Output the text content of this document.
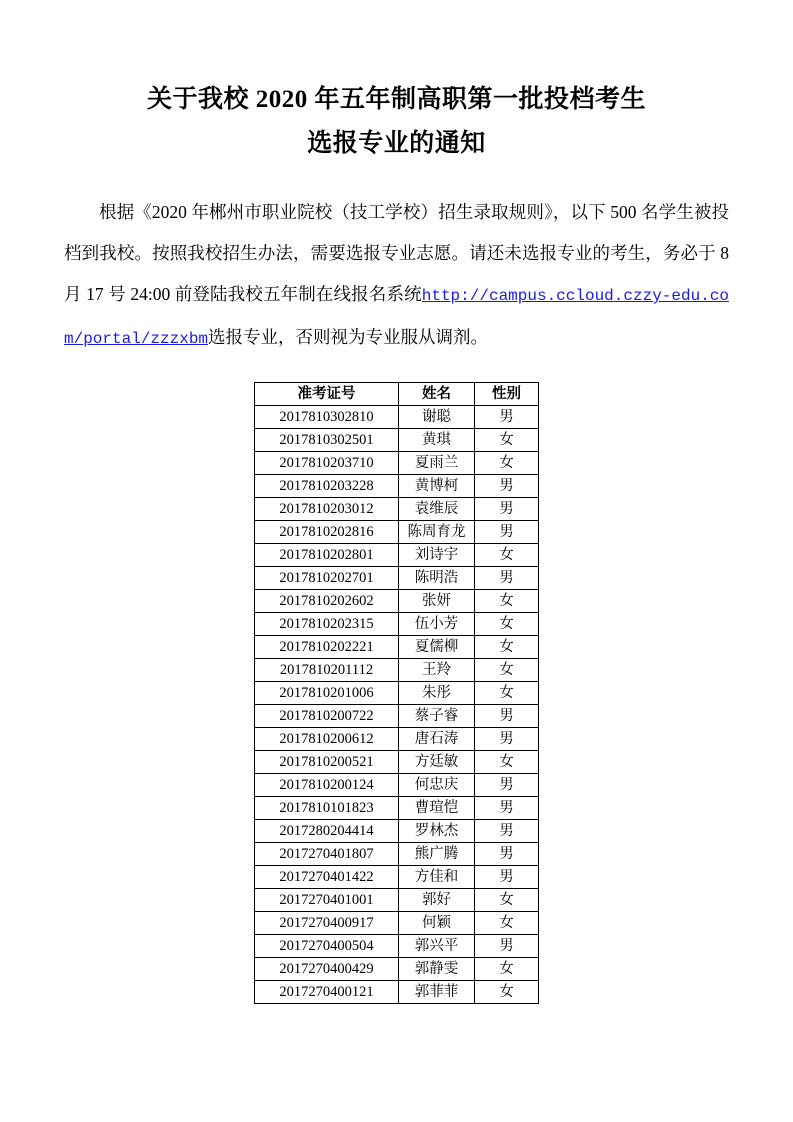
关于我校 2020 年五年制高职第一批投档考生
选报专业的通知

根据《2020 年郴州市职业院校（技工学校）招生录取规则》，以下 500 名学生被投档到我校。按照我校招生办法，需要选报专业志愿。请还未选报专业的考生，务必于 8 月 17 号 24:00 前登陆我校五年制在线报名系统http://campus.ccloud.czzy-edu.com/portal/zzzxbm选报专业，否则视为专业服从调剂。

准考证号	姓名	性别
2017810302810	谢聪	男
2017810302501	黄琪	女
2017810203710	夏雨兰	女
2017810203228	黄博柯	男
2017810203012	袁维辰	男
2017810202816	陈周育龙	男
2017810202801	刘诗宇	女
2017810202701	陈明浩	男
2017810202602	张妍	女
2017810202315	伍小芳	女
2017810202221	夏儒柳	女
2017810201112	王羚	女
2017810201006	朱彤	女
2017810200722	蔡子睿	男
2017810200612	唐石涛	男
2017810200521	方廷敏	女
2017810200124	何忠庆	男
2017810101823	曹瑄恺	男
2017280204414	罗林杰	男
2017270401807	熊广腾	男
2017270401422	方佳和	男
2017270401001	郭好	女
2017270400917	何颖	女
2017270400504	郭兴平	男
2017270400429	郭静雯	女
2017270400121	郭菲菲	女
